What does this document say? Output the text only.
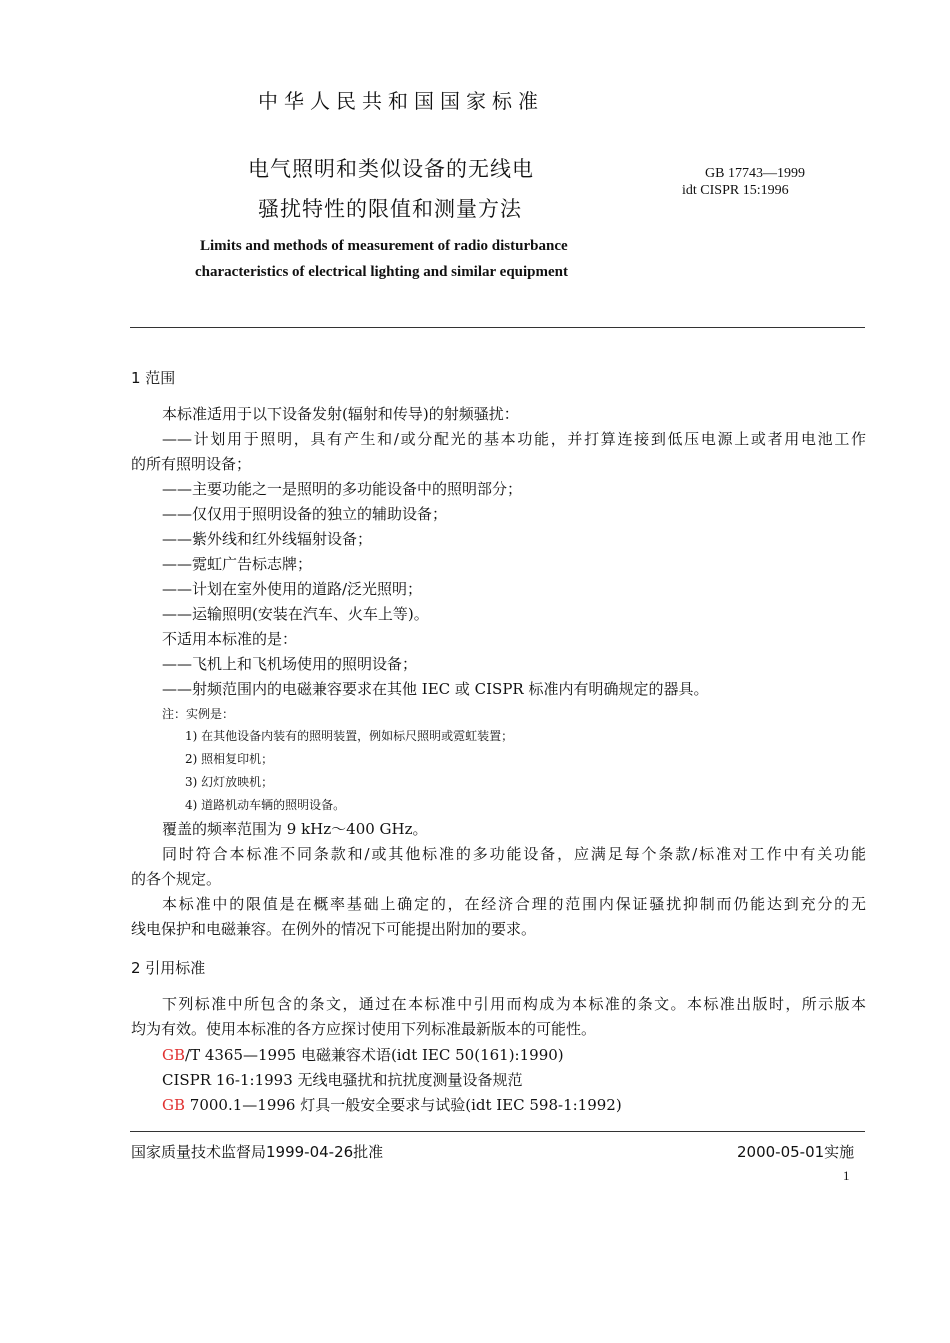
中华人民共和国国家标准
电气照明和类似设备的无线电
骚扰特性的限值和测量方法
GB 17743—1999
idt CISPR 15:1996
Limits and methods of measurement of radio disturbance
characteristics of electrical lighting and similar equipment
1 范围
本标准适用于以下设备发射(辐射和传导)的射频骚扰：
——计划用于照明，具有产生和/或分配光的基本功能，并打算连接到低压电源上或者用电池工作
的所有照明设备；
——主要功能之一是照明的多功能设备中的照明部分；
——仅仅用于照明设备的独立的辅助设备；
——紫外线和红外线辐射设备；
——霓虹广告标志牌；
——计划在室外使用的道路/泛光照明；
——运输照明(安装在汽车、火车上等)。
不适用本标准的是：
——飞机上和飞机场使用的照明设备；
——射频范围内的电磁兼容要求在其他 IEC 或 CISPR 标准内有明确规定的器具。
注：实例是：
1) 在其他设备内装有的照明装置，例如标尺照明或霓虹装置；
2) 照相复印机；
3) 幻灯放映机；
4) 道路机动车辆的照明设备。
覆盖的频率范围为 9 kHz～400 GHz。
同时符合本标准不同条款和/或其他标准的多功能设备，应满足每个条款/标准对工作中有关功能
的各个规定。
本标准中的限值是在概率基础上确定的，在经济合理的范围内保证骚扰抑制而仍能达到充分的无
线电保护和电磁兼容。在例外的情况下可能提出附加的要求。
2 引用标准
下列标准中所包含的条文，通过在本标准中引用而构成为本标准的条文。本标准出版时，所示版本
均为有效。使用本标准的各方应探讨使用下列标准最新版本的可能性。
GB/T 4365—1995 电磁兼容术语(idt IEC 50(161):1990)
CISPR 16-1:1993 无线电骚扰和抗扰度测量设备规范
GB 7000.1—1996 灯具一般安全要求与试验(idt IEC 598-1:1992)
国家质量技术监督局1999-04-26批准	2000-05-01实施
1
